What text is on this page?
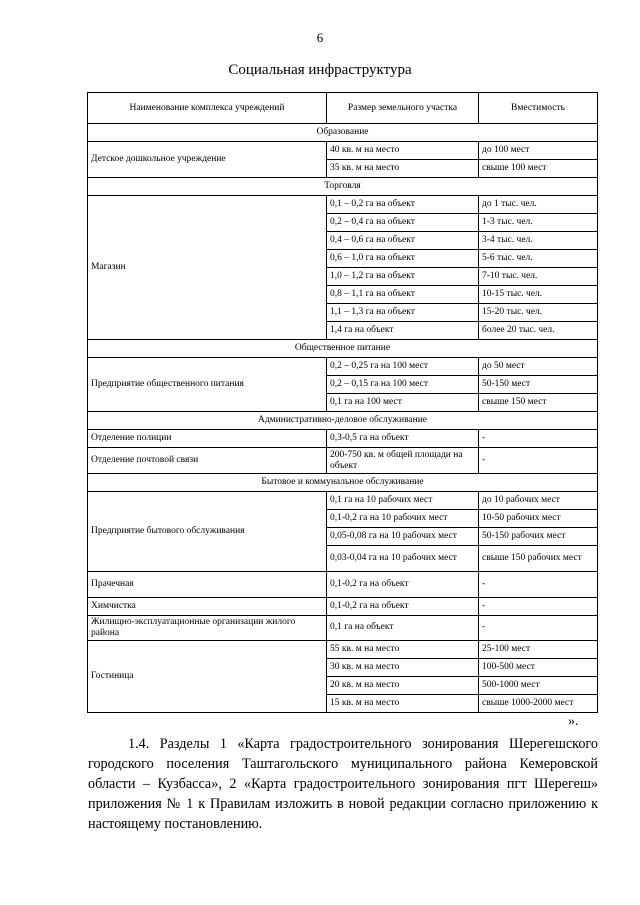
6
Социальная инфраструктура
Наименование комплекса учреждений	Размер земельного участка	Вместимость
Образование		
Детское дошкольное учреждение	40 кв. м на место	до 100 мест
	35 кв. м на место	свыше 100 мест
Торговля		
Магазин	0,1 – 0,2 га на объект	до 1 тыс. чел.
	0,2 – 0,4 га на объект	1-3 тыс. чел.
	0,4 – 0,6 га на объект	3-4 тыс. чел.
	0,6 – 1,0 га на объект	5-6 тыс. чел.
	1,0 – 1,2 га на объект	7-10 тыс. чел.
	0,8 – 1,1 га на объект	10-15 тыс. чел.
	1,1 – 1,3 га на объект	15-20 тыс. чел.
	1,4 га на объект	более 20 тыс. чел.
Общественное питание		
Предприятие общественного питания	0,2 – 0,25 га на 100 мест	до 50 мест
	0,2 – 0,15 га на 100 мест	50-150 мест
	0,1 га на 100 мест	свыше 150 мест
Административно-деловое обслуживание		
Отделение полиции	0,3-0,5 га на объект	-
Отделение почтовой связи	200-750 кв. м общей площади на объект	-
Бытовое и коммунальное обслуживание		
Предприятие бытового обслуживания	0,1 га на 10 рабочих мест	до 10 рабочих мест
	0,1-0,2 га на 10 рабочих мест	10-50 рабочих мест
	0,05-0,08 га на 10 рабочих мест	50-150 рабочих мест
	0,03-0,04 га на 10 рабочих мест	свыше 150 рабочих мест
Прачечная	0,1-0,2 га на объект	-
Химчистка	0,1-0,2 га на объект	-
Жилищно-эксплуатационные организации жилого района	0,1 га на объект	-
Гостиница	55 кв. м на место	25-100 мест
	30 кв. м на место	100-500 мест
	20 кв. м на место	500-1000 мест
	15 кв. м на место	свыше 1000-2000 мест
».

1.4. Разделы 1 «Карта градостроительного зонирования Шерегешского городского поселения Таштагольского муниципального района Кемеровской области – Кузбасса», 2 «Карта градостроительного зонирования пгт Шерегеш» приложения № 1 к Правилам изложить в новой редакции согласно приложению к настоящему постановлению.
